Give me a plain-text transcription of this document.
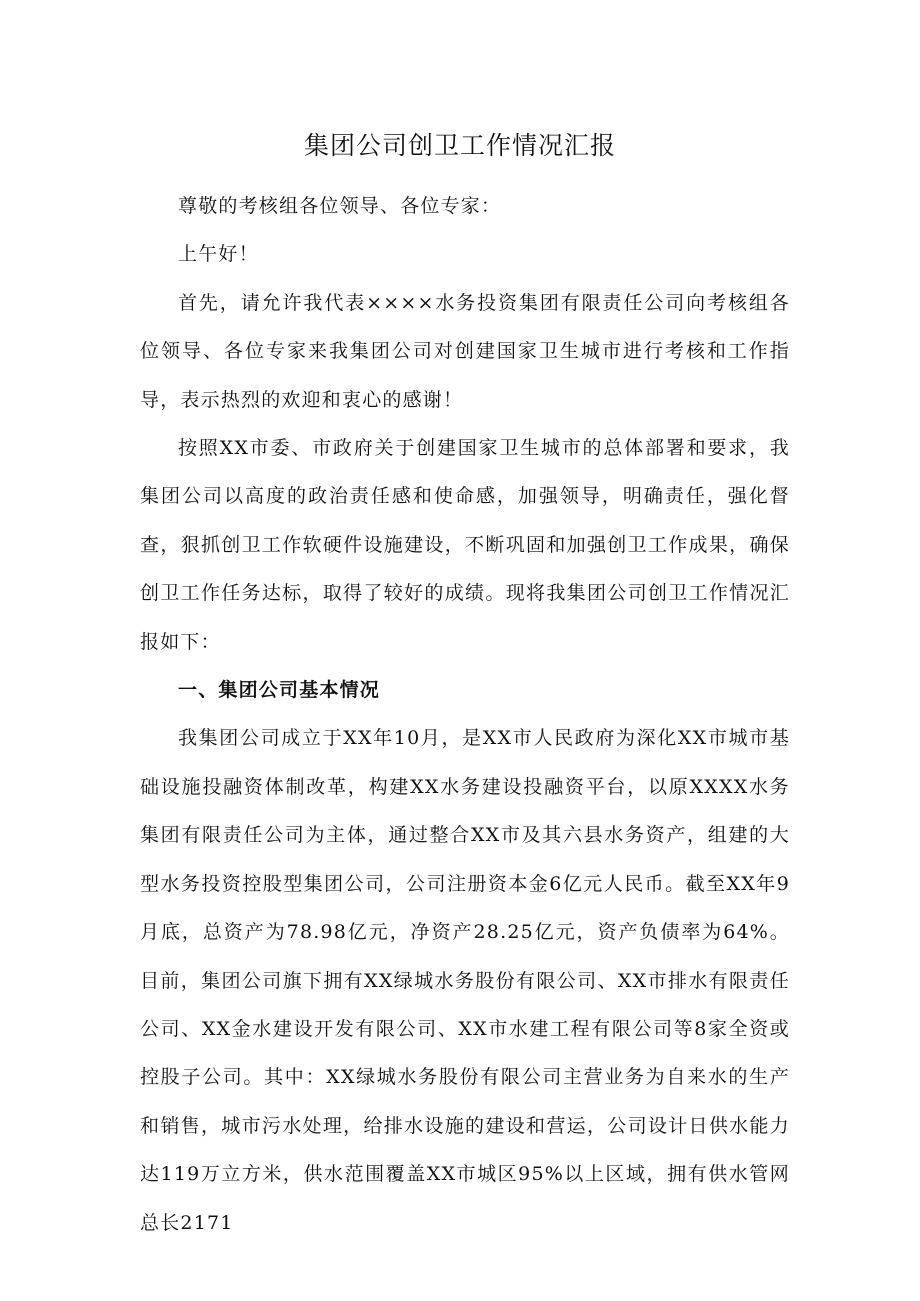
集团公司创卫工作情况汇报

尊敬的考核组各位领导、各位专家：

上午好！

首先，请允许我代表××××水务投资集团有限责任公司向考核组各位领导、各位专家来我集团公司对创建国家卫生城市进行考核和工作指导，表示热烈的欢迎和衷心的感谢！

按照XX市委、市政府关于创建国家卫生城市的总体部署和要求，我集团公司以高度的政治责任感和使命感，加强领导，明确责任，强化督查，狠抓创卫工作软硬件设施建设，不断巩固和加强创卫工作成果，确保创卫工作任务达标，取得了较好的成绩。现将我集团公司创卫工作情况汇报如下：

一、集团公司基本情况

我集团公司成立于XX年10月，是XX市人民政府为深化XX市城市基础设施投融资体制改革，构建XX水务建设投融资平台，以原XXXX水务集团有限责任公司为主体，通过整合XX市及其六县水务资产，组建的大型水务投资控股型集团公司，公司注册资本金6亿元人民币。截至XX年9月底，总资产为78.98亿元，净资产28.25亿元，资产负债率为64%。目前，集团公司旗下拥有XX绿城水务股份有限公司、XX市排水有限责任公司、XX金水建设开发有限公司、XX市水建工程有限公司等8家全资或控股子公司。其中：XX绿城水务股份有限公司主营业务为自来水的生产和销售，城市污水处理，给排水设施的建设和营运，公司设计日供水能力达119万立方米，供水范围覆盖XX市城区95%以上区域，拥有供水管网总长2171
